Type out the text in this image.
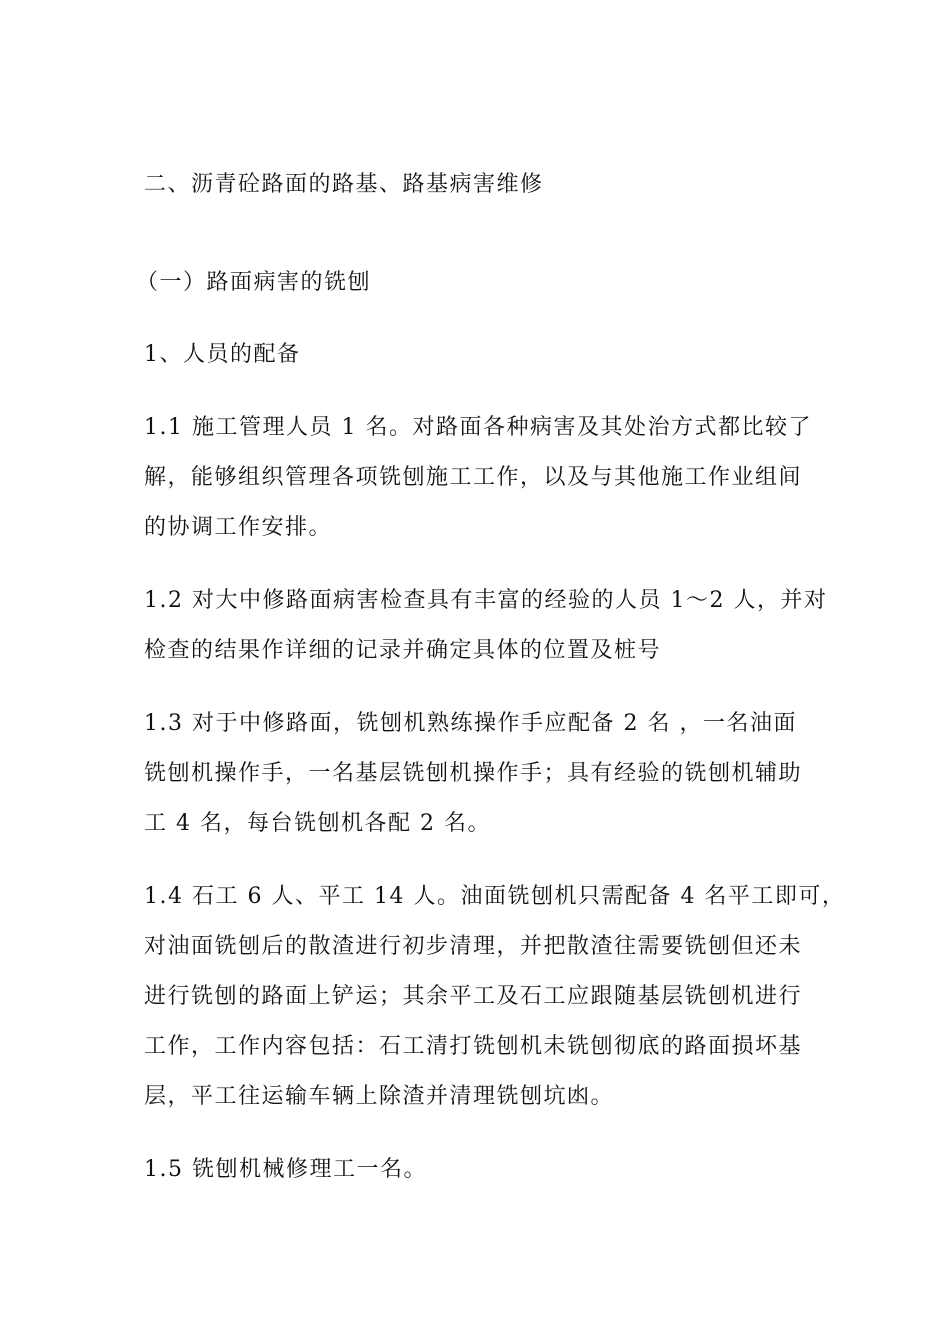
二、沥青砼路面的路基、路基病害维修
（一）路面病害的铣刨
1、人员的配备
1.1 施工管理人员 1 名。对路面各种病害及其处治方式都比较了
解，能够组织管理各项铣刨施工工作，以及与其他施工作业组间
的协调工作安排。
1.2 对大中修路面病害检查具有丰富的经验的人员 1～2 人，并对
检查的结果作详细的记录并确定具体的位置及桩号
1.3 对于中修路面，铣刨机熟练操作手应配备 2 名 ，一名油面
铣刨机操作手，一名基层铣刨机操作手；具有经验的铣刨机辅助
工 4 名，每台铣刨机各配 2 名。
1.4 石工 6 人、平工 14 人。油面铣刨机只需配备 4 名平工即可，
对油面铣刨后的散渣进行初步清理，并把散渣往需要铣刨但还未
进行铣刨的路面上铲运；其余平工及石工应跟随基层铣刨机进行
工作，工作内容包括：石工清打铣刨机未铣刨彻底的路面损坏基
层，平工往运输车辆上除渣并清理铣刨坑凼。
1.5 铣刨机械修理工一名。
